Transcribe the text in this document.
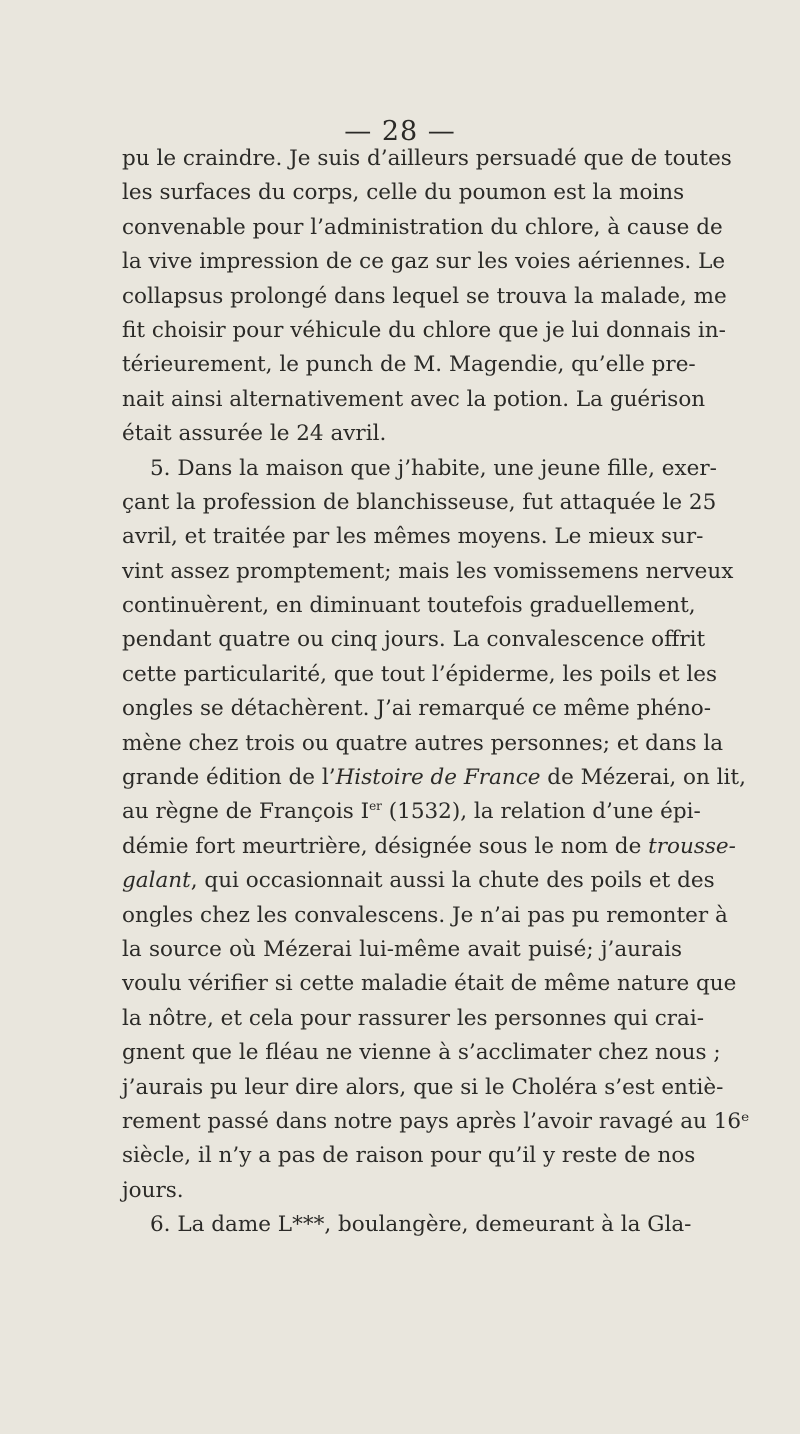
— 28 —
pu le craindre. Je suis d’ailleurs persuadé que de toutes
les surfaces du corps, celle du poumon est la moins
convenable pour l’administration du chlore, à cause de
la vive impression de ce gaz sur les voies aériennes. Le
collapsus prolongé dans lequel se trouva la malade, me
fit choisir pour véhicule du chlore que je lui donnais in-
térieurement, le punch de M. Magendie, qu’elle pre-
nait ainsi alternativement avec la potion. La guérison
était assurée le 24 avril.
5. Dans la maison que j’habite, une jeune fille, exer-
çant la profession de blanchisseuse, fut attaquée le 25
avril, et traitée par les mêmes moyens. Le mieux sur-
vint assez promptement; mais les vomissemens nerveux
continuèrent, en diminuant toutefois graduellement,
pendant quatre ou cinq jours. La convalescence offrit
cette particularité, que tout l’épiderme, les poils et les
ongles se détachèrent. J’ai remarqué ce même phéno-
mène chez trois ou quatre autres personnes; et dans la
grande édition de l’Histoire de France de Mézerai, on lit,
au règne de François Ier (1532), la relation d’une épi-
démie fort meurtrière, désignée sous le nom de trousse-
galant, qui occasionnait aussi la chute des poils et des
ongles chez les convalescens. Je n’ai pas pu remonter à
la source où Mézerai lui-même avait puisé; j’aurais
voulu vérifier si cette maladie était de même nature que
la nôtre, et cela pour rassurer les personnes qui crai-
gnent que le fléau ne vienne à s’acclimater chez nous ;
j’aurais pu leur dire alors, que si le Choléra s’est entiè-
rement passé dans notre pays après l’avoir ravagé au 16ᵉ
siècle, il n’y a pas de raison pour qu’il y reste de nos
jours.
6. La dame L***, boulangère, demeurant à la Gla-
